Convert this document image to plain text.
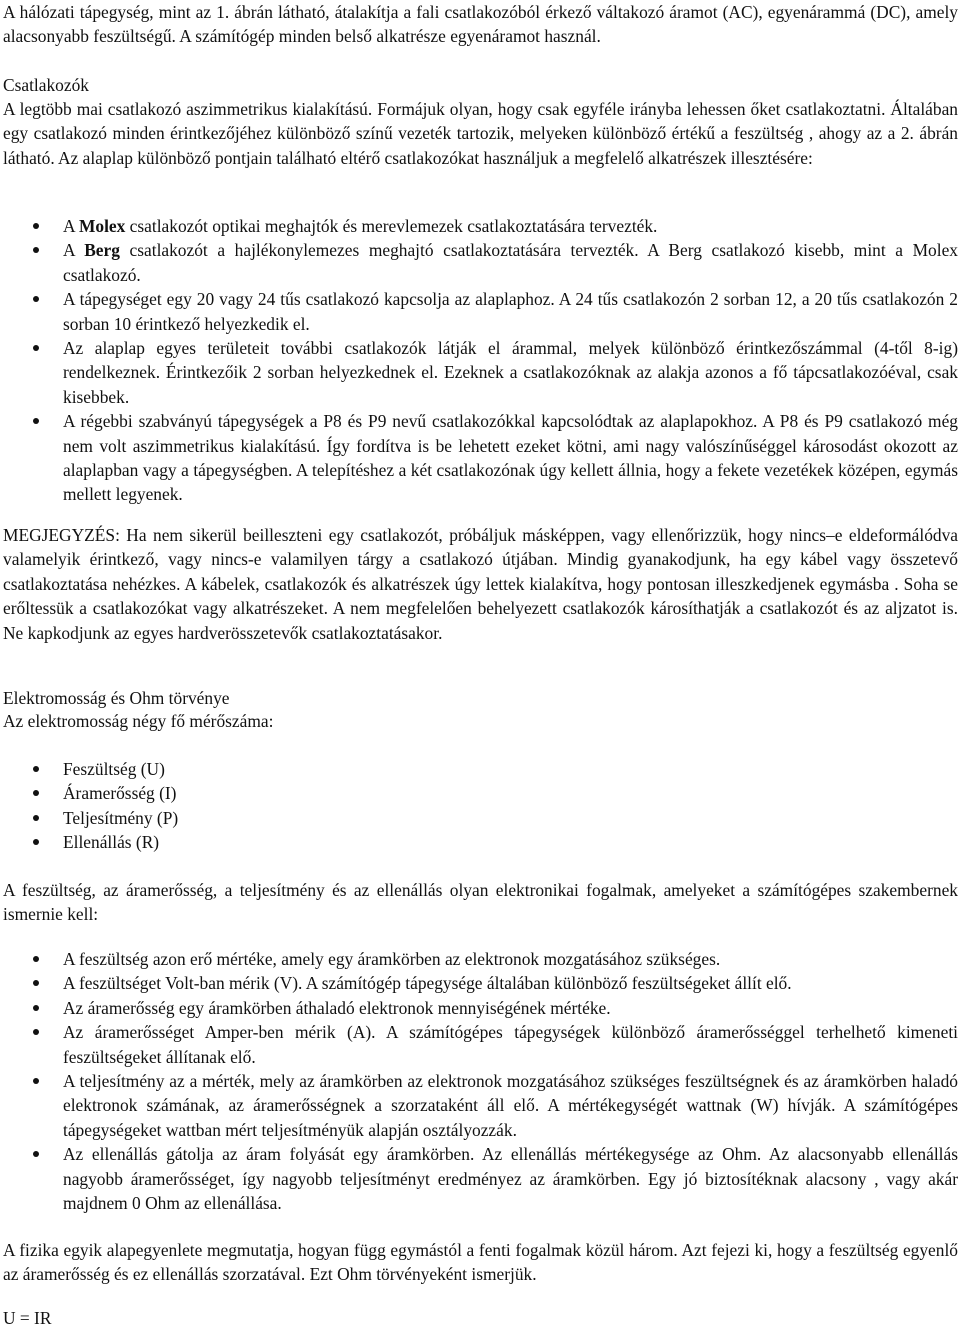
A hálózati tápegység, mint az 1. ábrán látható, átalakítja a fali csatlakozóból érkező váltakozó áramot (AC), egyenárammá (DC), amely alacsonyabb feszültségű. A számítógép minden belső alkatrésze egyenáramot használ.

Csatlakozók

A legtöbb mai csatlakozó aszimmetrikus kialakítású. Formájuk olyan, hogy csak egyféle irányba lehessen őket csatlakoztatni. Általában egy csatlakozó minden érintkezőjéhez különböző színű vezeték tartozik, melyeken különböző értékű a feszültség , ahogy az a 2. ábrán látható. Az alaplap különböző pontjain található eltérő csatlakozókat használjuk a megfelelő alkatrészek illesztésére:

A Molex csatlakozót optikai meghajtók és merevlemezek csatlakoztatására tervezték.
A Berg csatlakozót a hajlékonylemezes meghajtó csatlakoztatására tervezték. A Berg csatlakozó kisebb, mint a Molex csatlakozó.
A tápegységet egy 20 vagy 24 tűs csatlakozó kapcsolja az alaplaphoz. A 24 tűs csatlakozón 2 sorban 12, a 20 tűs csatlakozón 2 sorban 10 érintkező helyezkedik el.
Az alaplap egyes területeit további csatlakozók látják el árammal, melyek különböző érintkezőszámmal (4-től 8-ig) rendelkeznek. Érintkezőik 2 sorban helyezkednek el. Ezeknek a csatlakozóknak az alakja azonos a fő tápcsatlakozóéval, csak kisebbek.
A régebbi szabványú tápegységek a P8 és P9 nevű csatlakozókkal kapcsolódtak az alaplapokhoz. A P8 és P9 csatlakozó még nem volt aszimmetrikus kialakítású. Így fordítva is be lehetett ezeket kötni, ami nagy valószínűséggel károsodást okozott az alaplapban vagy a tápegységben. A telepítéshez a két csatlakozónak úgy kellett állnia, hogy a fekete vezetékek középen, egymás mellett legyenek.

MEGJEGYZÉS: Ha nem sikerül beilleszteni egy csatlakozót, próbáljuk másképpen, vagy ellenőrizzük, hogy nincs–e eldeformálódva valamelyik érintkező, vagy nincs-e valamilyen tárgy a csatlakozó útjában. Mindig gyanakodjunk, ha egy kábel vagy összetevő csatlakoztatása nehézkes. A kábelek, csatlakozók és alkatrészek úgy lettek kialakítva, hogy pontosan illeszkedjenek egymásba . Soha se erőltessük a csatlakozókat vagy alkatrészeket. A nem megfelelően behelyezett csatlakozók károsíthatják a csatlakozót és az aljzatot is. Ne kapkodjunk az egyes hardverösszetevők csatlakoztatásakor.

Elektromosság és Ohm törvénye

Az elektromosság négy fő mérőszáma:

Feszültség (U)
Áramerősség (I)
Teljesítmény (P)
Ellenállás (R)

A feszültség, az áramerősség, a teljesítmény és az ellenállás olyan elektronikai fogalmak, amelyeket a számítógépes szakembernek ismernie kell:

A feszültség azon erő mértéke, amely egy áramkörben az elektronok mozgatásához szükséges.
A feszültséget Volt-ban mérik (V). A számítógép tápegysége általában különböző feszültségeket állít elő.
Az áramerősség egy áramkörben áthaladó elektronok mennyiségének mértéke.
Az áramerősséget Amper-ben mérik (A). A számítógépes tápegységek különböző áramerősséggel terhelhető kimeneti feszültségeket állítanak elő.
A teljesítmény az a mérték, mely az áramkörben az elektronok mozgatásához szükséges feszültségnek és az áramkörben haladó elektronok számának, az áramerősségnek a szorzataként áll elő. A mértékegységét wattnak (W) hívják. A számítógépes tápegységeket wattban mért teljesítményük alapján osztályozzák.
Az ellenállás gátolja az áram folyását egy áramkörben. Az ellenállás mértékegysége az Ohm. Az alacsonyabb ellenállás nagyobb áramerősséget, így nagyobb teljesítményt eredményez az áramkörben. Egy jó biztosítéknak alacsony , vagy akár majdnem 0 Ohm az ellenállása.

A fizika egyik alapegyenlete megmutatja, hogyan függ egymástól a fenti fogalmak közül három. Azt fejezi ki, hogy a feszültség egyenlő az áramerősség és ez ellenállás szorzatával. Ezt Ohm törvényeként ismerjük.

U = IR
